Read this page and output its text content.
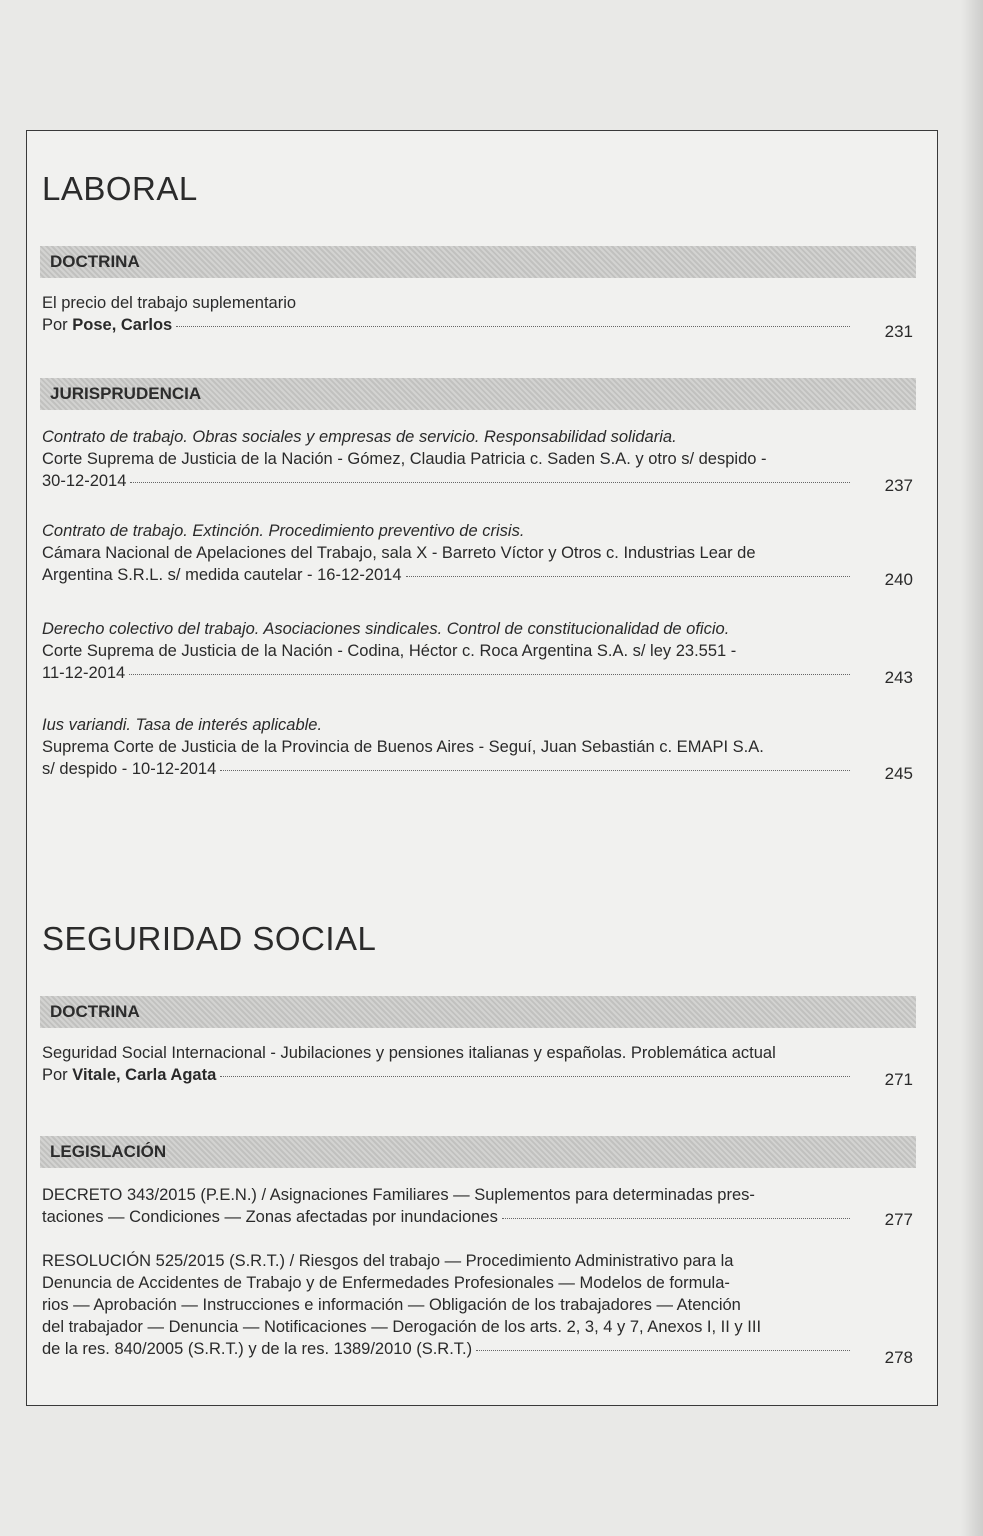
LABORAL
DOCTRINA
El precio del trabajo suplementario
Por Pose, Carlos	231
JURISPRUDENCIA
Contrato de trabajo. Obras sociales y empresas de servicio. Responsabilidad solidaria.
Corte Suprema de Justicia de la Nación - Gómez, Claudia Patricia c. Saden S.A. y otro s/ despido -
30-12-2014	237
Contrato de trabajo. Extinción. Procedimiento preventivo de crisis.
Cámara Nacional de Apelaciones del Trabajo, sala X - Barreto Víctor y Otros c. Industrias Lear de
Argentina S.R.L. s/ medida cautelar - 16-12-2014	240
Derecho colectivo del trabajo. Asociaciones sindicales. Control de constitucionalidad de oficio.
Corte Suprema de Justicia de la Nación - Codina, Héctor c. Roca Argentina S.A. s/ ley 23.551 -
11-12-2014	243
Ius variandi. Tasa de interés aplicable.
Suprema Corte de Justicia de la Provincia de Buenos Aires - Seguí, Juan Sebastián c. EMAPI S.A.
s/ despido - 10-12-2014	245
SEGURIDAD SOCIAL
DOCTRINA
Seguridad Social Internacional - Jubilaciones y pensiones italianas y españolas. Problemática actual
Por Vitale, Carla Agata	271
LEGISLACIÓN
DECRETO 343/2015 (P.E.N.) / Asignaciones Familiares — Suplementos para determinadas pres-
taciones — Condiciones — Zonas afectadas por inundaciones	277
RESOLUCIÓN 525/2015 (S.R.T.) / Riesgos del trabajo — Procedimiento Administrativo para la
Denuncia de Accidentes de Trabajo y de Enfermedades Profesionales — Modelos de formula-
rios — Aprobación — Instrucciones e información — Obligación de los trabajadores — Atención
del trabajador — Denuncia — Notificaciones — Derogación de los arts. 2, 3, 4 y 7, Anexos I, II y III
de la res. 840/2005 (S.R.T.) y de la res. 1389/2010 (S.R.T.)	278
